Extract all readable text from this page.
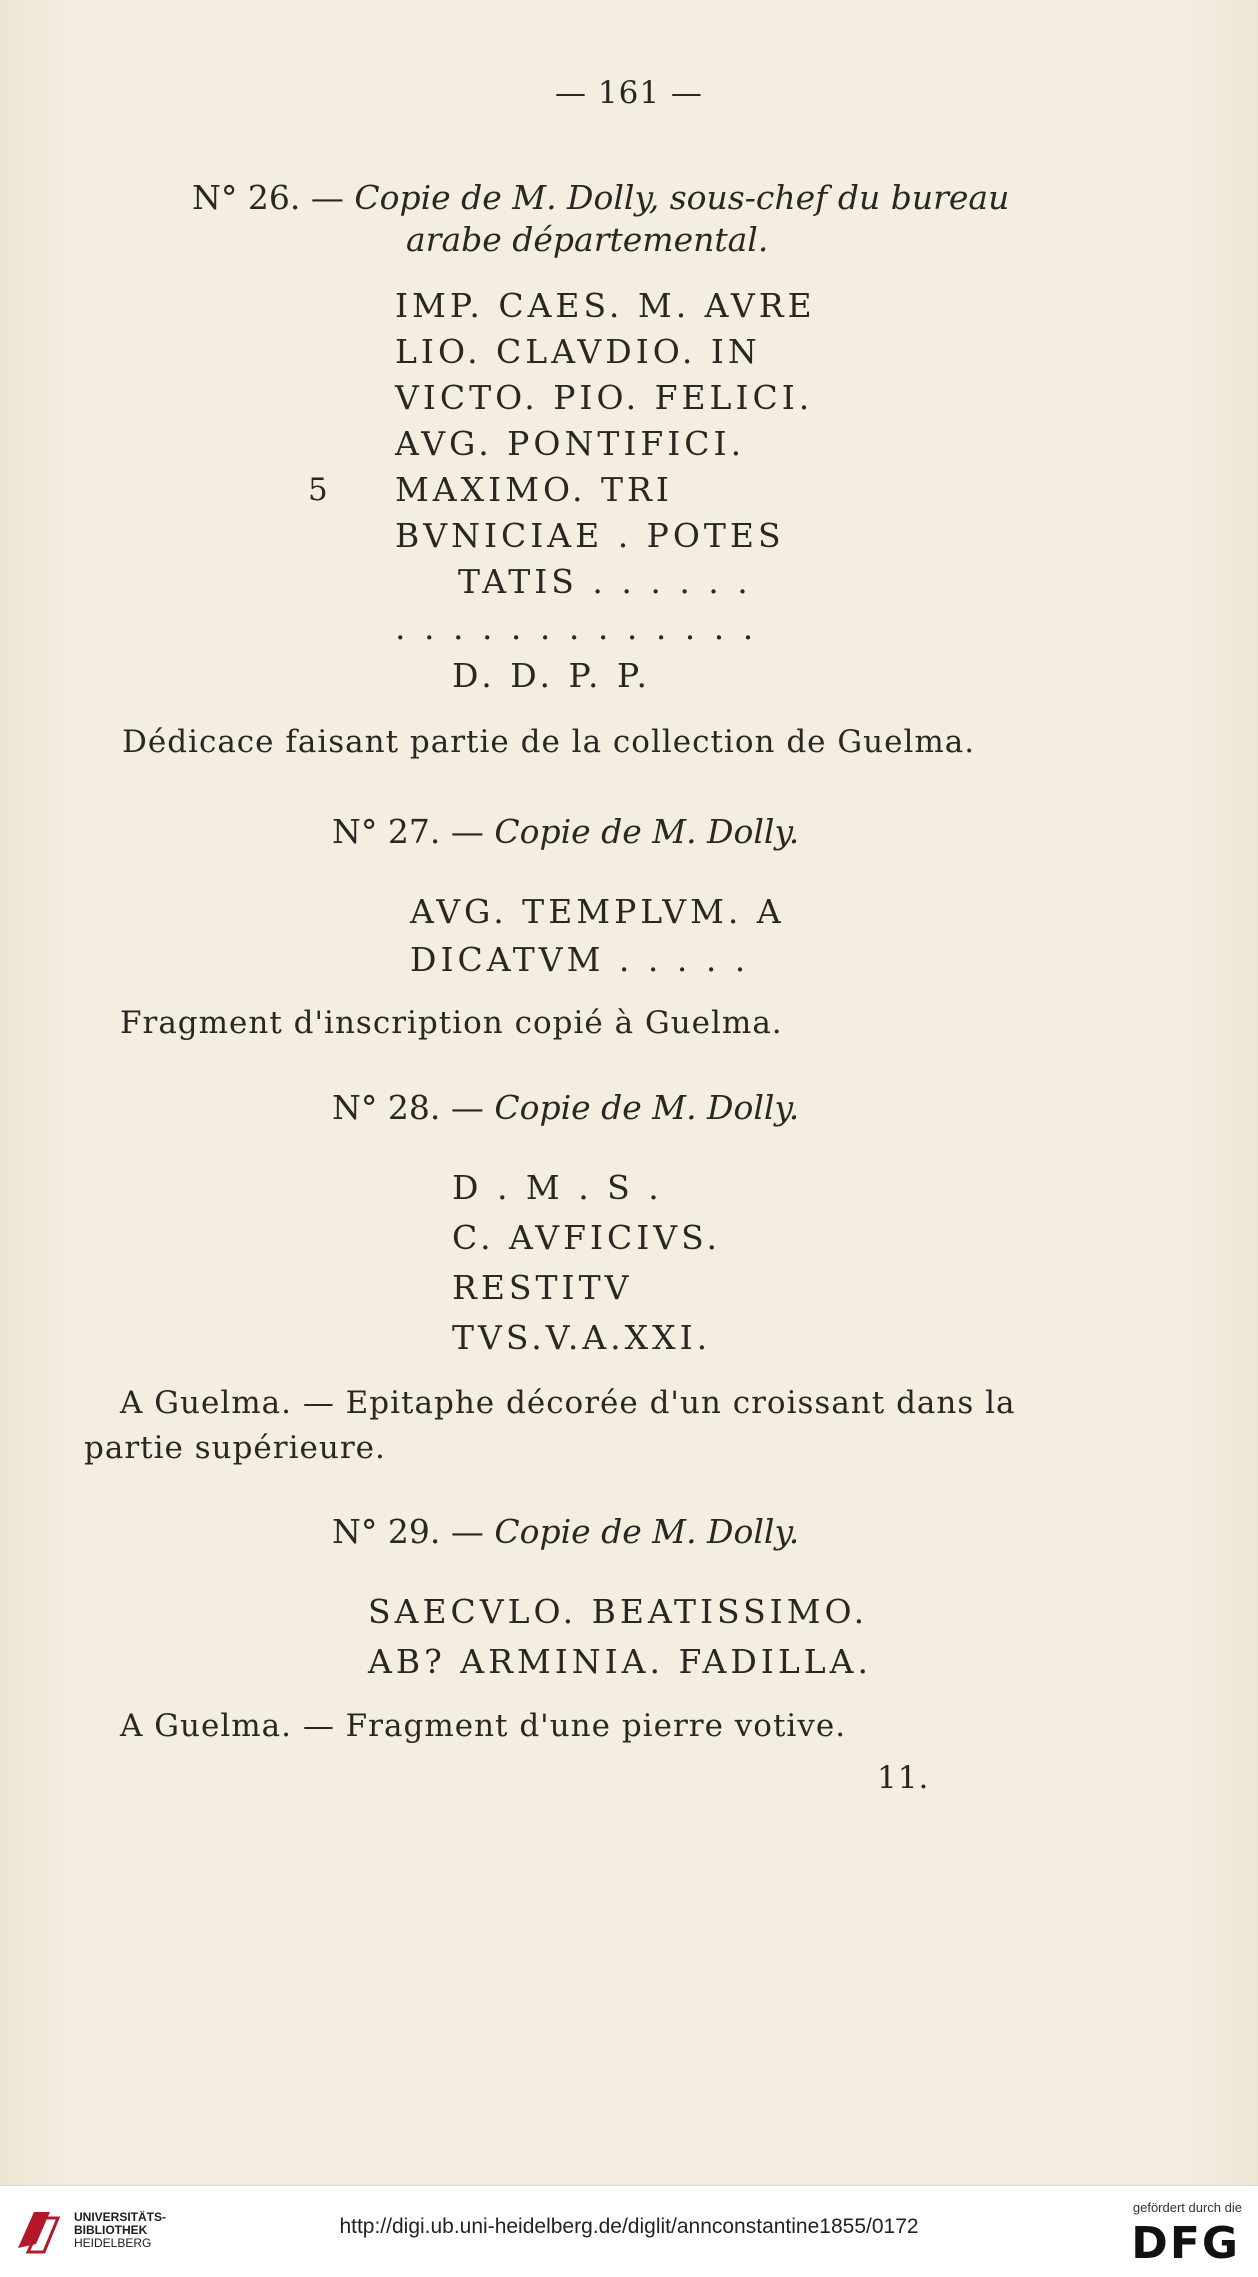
— 161 —
N° 26. — Copie de M. Dolly, sous-chef du bureau
arabe départemental.
IMP. CAES. M. AVRE
LIO. CLAVDIO. IN
VICTO. PIO. FELICI.
AVG. PONTIFICI.
5 MAXIMO. TRI
BVNICIAE . POTES
TATIS . . . . . .
. . . . . . . . . . . . .
D. D. P. P.
Dédicace faisant partie de la collection de Guelma.
N° 27. — Copie de M. Dolly.
AVG. TEMPLVM. A
DICATVM . . . . .
Fragment d'inscription copié à Guelma.
N° 28. — Copie de M. Dolly.
D . M . S .
C. AVFICIVS.
RESTITV
TVS.V.A.XXI.
A Guelma. — Epitaphe décorée d'un croissant dans la
partie supérieure.
N° 29. — Copie de M. Dolly.
SAECVLO. BEATISSIMO.
AB? ARMINIA. FADILLA.
A Guelma. — Fragment d'une pierre votive.
11.
UNIVERSITÄTS-
BIBLIOTHEK
HEIDELBERG
http://digi.ub.uni-heidelberg.de/diglit/annconstantine1855/0172
gefördert durch die
DFG
